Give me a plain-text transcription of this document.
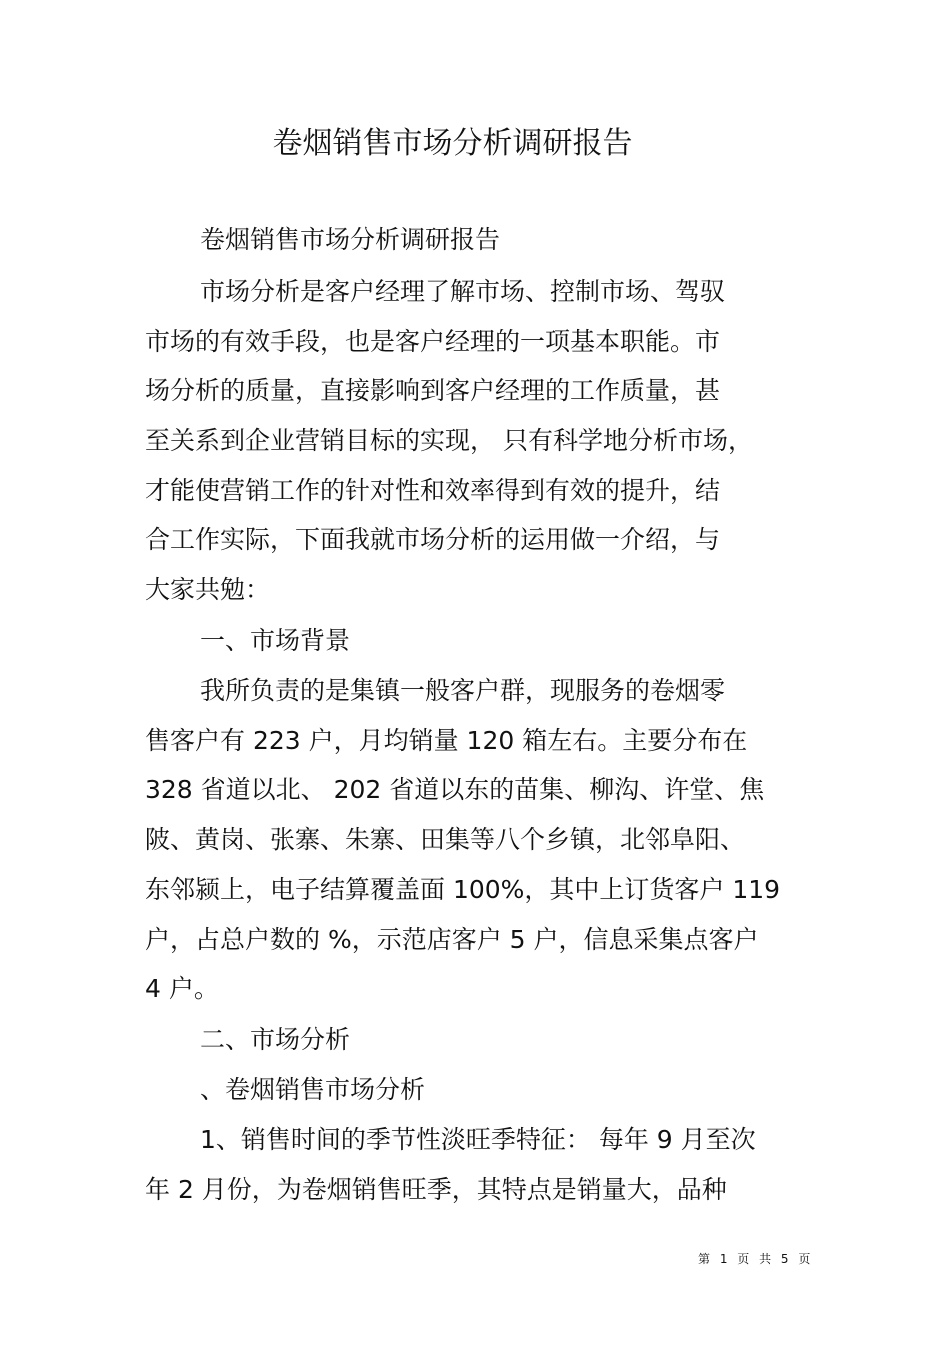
卷烟销售市场分析调研报告

卷烟销售市场分析调研报告

市场分析是客户经理了解市场、控制市场、驾驭

市场的有效手段，也是客户经理的一项基本职能。市

场分析的质量，直接影响到客户经理的工作质量，甚

至关系到企业营销目标的实现， 只有科学地分析市场，

才能使营销工作的针对性和效率得到有效的提升，结

合工作实际，下面我就市场分析的运用做一介绍，与

大家共勉：

一、市场背景

我所负责的是集镇一般客户群，现服务的卷烟零

售客户有 223 户，月均销量 120 箱左右。主要分布在

328 省道以北、 202 省道以东的苗集、柳沟、许堂、焦

陂、黄岗、张寨、朱寨、田集等八个乡镇，北邻阜阳、

东邻颍上，电子结算覆盖面 100%，其中上订货客户 119

户，占总户数的 %，示范店客户 5 户，信息采集点客户

4 户。

二、市场分析

、卷烟销售市场分析

1、销售时间的季节性淡旺季特征： 每年 9 月至次

年 2 月份，为卷烟销售旺季，其特点是销量大，品种

第 1 页 共 5 页
